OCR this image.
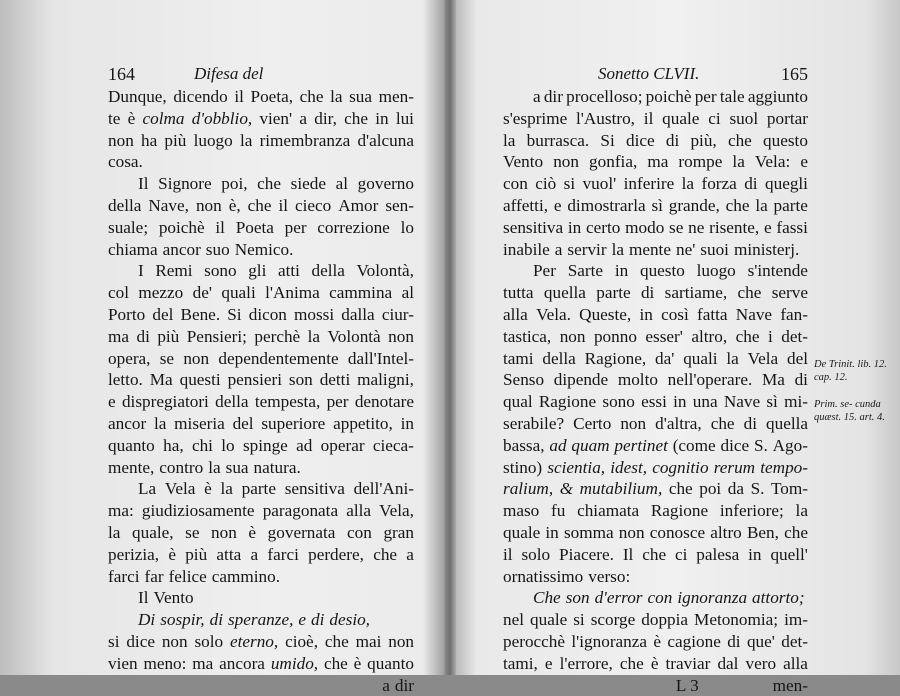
164	Difesa del
Dunque, dicendo il Poeta, che la sua men-
te è colma d'obblio, vien' a dir, che in lui
non ha più luogo la rimembranza d'alcuna
cosa.
Il Signore poi, che siede al governo
della Nave, non è, che il cieco Amor sen-
suale; poichè il Poeta per correzione lo
chiama ancor suo Nemico.
I Remi sono gli atti della Volontà,
col mezzo de' quali l'Anima cammina al
Porto del Bene. Si dicon mossi dalla ciur-
ma di più Pensieri; perchè la Volontà non
opera, se non dependentemente dall'Intel-
letto. Ma questi pensieri son detti maligni,
e dispregiatori della tempesta, per denotare
ancor la miseria del superiore appetito, in
quanto ha, chi lo spinge ad operar cieca-
mente, contro la sua natura.
La Vela è la parte sensitiva dell'Ani-
ma: giudiziosamente paragonata alla Vela,
la quale, se non è governata con gran
perizia, è più atta a farci perdere, che a
farci far felice cammino.
Il Vento
Di sospir, di speranze, e di desio,
si dice non solo eterno, cioè, che mai non
vien meno: ma ancora umido, che è quanto
a dir
Sonetto CLVII.	165
a dir procelloso; poichè per tale aggiunto
s'esprime l'Austro, il quale ci suol portar
la burrasca. Si dice di più, che questo
Vento non gonfia, ma rompe la Vela: e
con ciò si vuol' inferire la forza di quegli
affetti, e dimostrarla sì grande, che la parte
sensitiva in certo modo se ne risente, e fassi
inabile a servir la mente ne' suoi ministerj.
Per Sarte in questo luogo s'intende
tutta quella parte di sartiame, che serve
alla Vela. Queste, in così fatta Nave fan-
tastica, non ponno esser' altro, che i det-
tami della Ragione, da' quali la Vela del
Senso dipende molto nell'operare. Ma di
qual Ragione sono essi in una Nave sì mi-
serabile? Certo non d'altra, che di quella
bassa, ad quam pertinet (come dice S. Ago-
stino) scientia, idest, cognitio rerum tempo-
ralium, & mutabilium, che poi da S. Tom-
maso fu chiamata Ragione inferiore; la
quale in somma non conosce altro Ben, che
il solo Piacere. Il che ci palesa in quell'
ornatissimo verso:
Che son d'error con ignoranza attorto;
nel quale si scorge doppia Metonomia; im-
perocchè l'ignoranza è cagione di que' det-
tami, e l'errore, che è traviar dal vero alla
L 3	men-
De Trinit. lib. 12. cap. 12.
Prim. se- cunda quæst. 15. art. 4.
